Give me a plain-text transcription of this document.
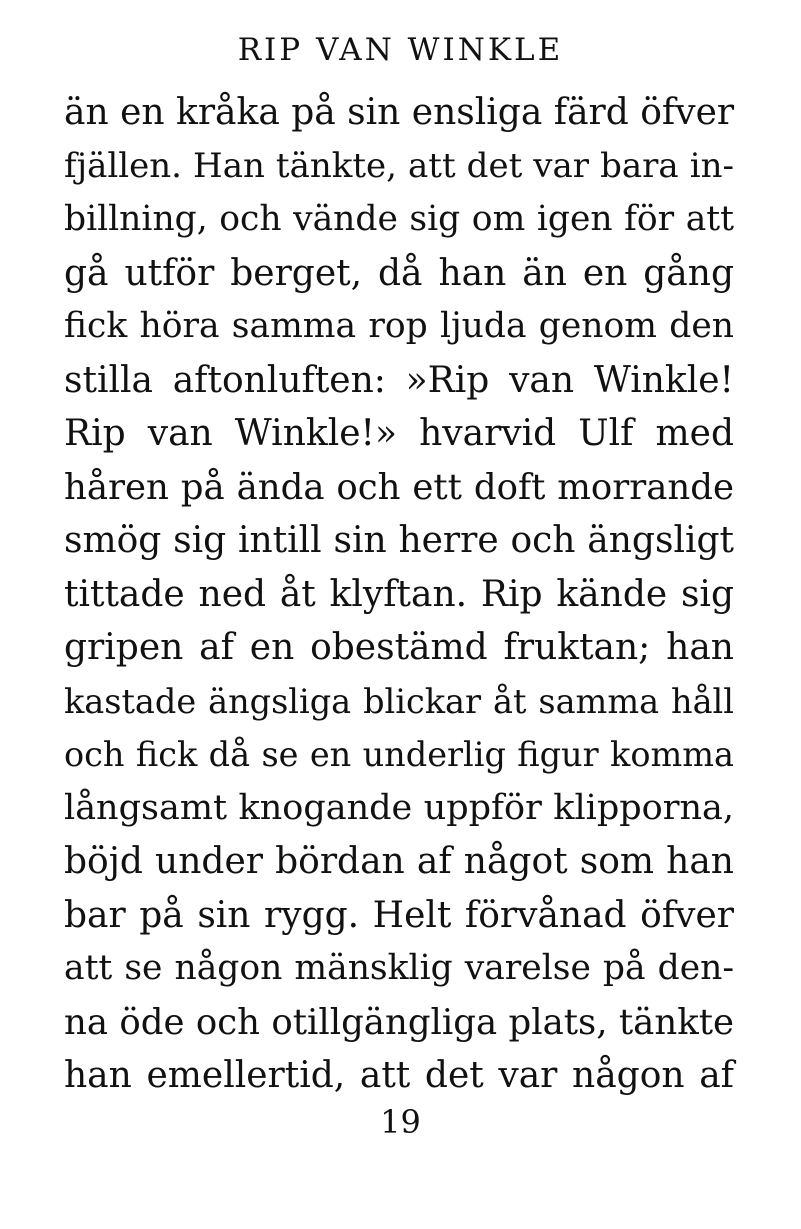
RIP VAN WINKLE
än en kråka på sin ensliga färd öfver
fjällen. Han tänkte, att det var bara in-
billning, och vände sig om igen för att
gå utför berget, då han än en gång
fick höra samma rop ljuda genom den
stilla aftonluften: »Rip van Winkle!
Rip van Winkle!» hvarvid Ulf med
håren på ända och ett doft morrande
smög sig intill sin herre och ängsligt
tittade ned åt klyftan. Rip kände sig
gripen af en obestämd fruktan; han
kastade ängsliga blickar åt samma håll
och fick då se en underlig figur komma
långsamt knogande uppför klipporna,
böjd under bördan af något som han
bar på sin rygg. Helt förvånad öfver
att se någon mänsklig varelse på den-
na öde och otillgängliga plats, tänkte
han emellertid, att det var någon af
19
